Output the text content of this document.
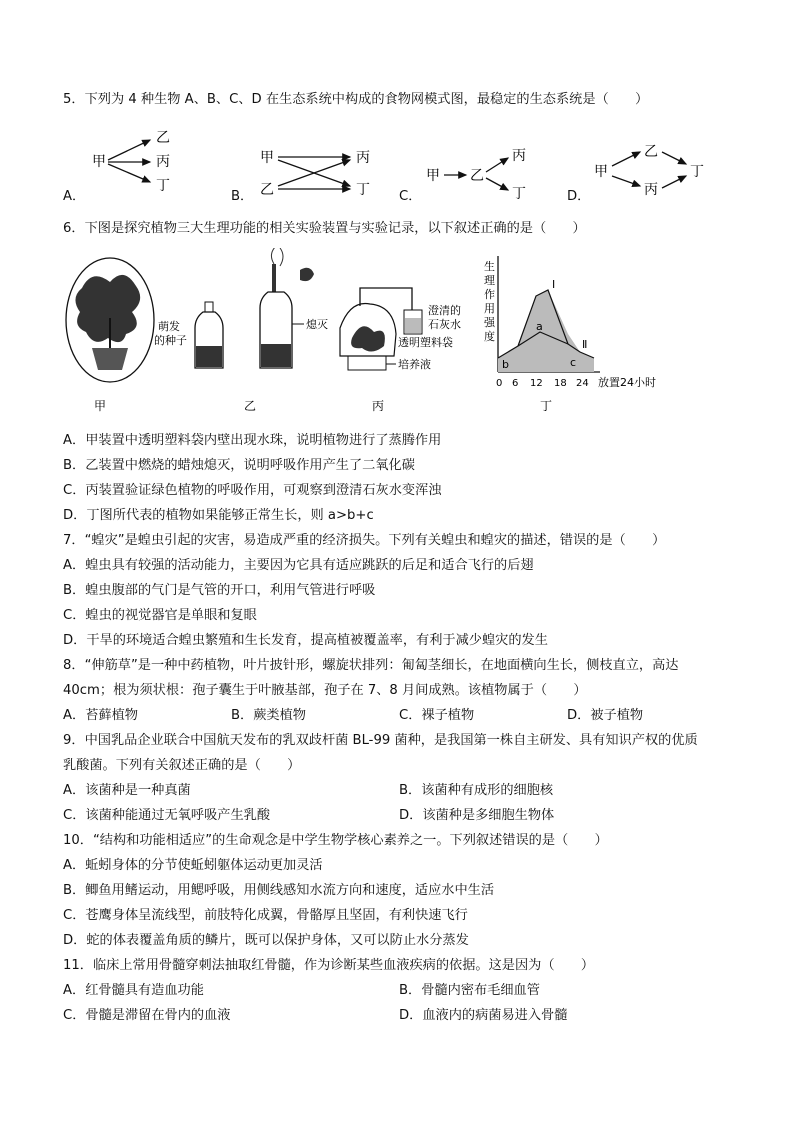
5．下列为 4 种生物 A、B、C、D 在生态系统中构成的食物网模式图，最稳定的生态系统是（　　）
甲
乙
丙
丁
甲
乙
丙
丁
甲 乙
丙
丁
甲
乙
丙
丁
A．	B．	C．	D．
6．下图是探究植物三大生理功能的相关实验装置与实验记录，以下叙述正确的是（　　）
萌发
的种子
熄灭
澄清的
石灰水
透明塑料袋
培养液
生
理
作
用
强
度
Ⅰ
Ⅱ
a
b	c
0 6 12 18 24 放置24小时
甲	乙	丙	丁
A．甲装置中透明塑料袋内壁出现水珠，说明植物进行了蒸腾作用
B．乙装置中燃烧的蜡烛熄灭，说明呼吸作用产生了二氧化碳
C．丙装置验证绿色植物的呼吸作用，可观察到澄清石灰水变浑浊
D．丁图所代表的植物如果能够正常生长，则 a>b+c
7．“蝗灾”是蝗虫引起的灾害，易造成严重的经济损失。下列有关蝗虫和蝗灾的描述，错误的是（　　）
A．蝗虫具有较强的活动能力，主要因为它具有适应跳跃的后足和适合飞行的后翅
B．蝗虫腹部的气门是气管的开口，利用气管进行呼吸
C．蝗虫的视觉器官是单眼和复眼
D．干旱的环境适合蝗虫繁殖和生长发育，提高植被覆盖率，有利于减少蝗灾的发生
8．“伸筋草”是一种中药植物，叶片披针形，螺旋状排列：匍匐茎细长，在地面横向生长，侧枝直立，高达
40cm；根为须状根：孢子囊生于叶腋基部，孢子在 7、8 月间成熟。该植物属于（　　）
A．苔藓植物	B．蕨类植物	C．裸子植物	D．被子植物
9．中国乳品企业联合中国航天发布的乳双歧杆菌 BL-99 菌种，是我国第一株自主研发、具有知识产权的优质
乳酸菌。下列有关叙述正确的是（　　）
A．该菌种是一种真菌	B．该菌种有成形的细胞核
C．该菌种能通过无氧呼吸产生乳酸	D．该菌种是多细胞生物体
10．“结构和功能相适应”的生命观念是中学生物学核心素养之一。下列叙述错误的是（　　）
A．蚯蚓身体的分节使蚯蚓躯体运动更加灵活
B．鲫鱼用鳍运动，用鳃呼吸，用侧线感知水流方向和速度，适应水中生活
C．苍鹰身体呈流线型，前肢特化成翼，骨骼厚且坚固，有利快速飞行
D．蛇的体表覆盖角质的鳞片，既可以保护身体，又可以防止水分蒸发
11．临床上常用骨髓穿刺法抽取红骨髓，作为诊断某些血液疾病的依据。这是因为（　　）
A．红骨髓具有造血功能	B．骨髓内密布毛细血管
C．骨髓是滞留在骨内的血液	D．血液内的病菌易进入骨髓
